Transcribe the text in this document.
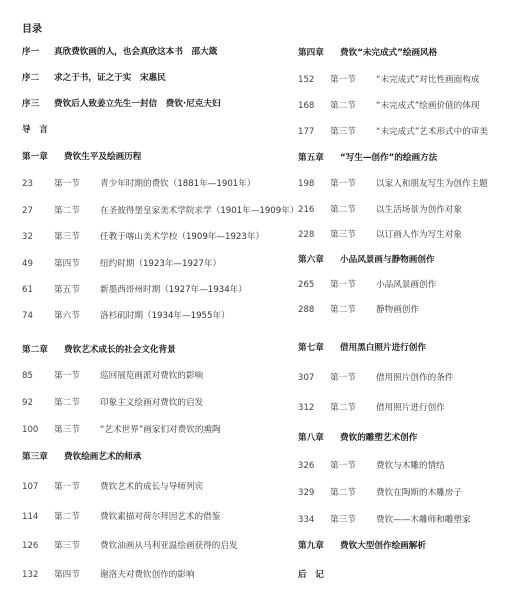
目录
序一 真欣费钦画的人，也会真欣这本书　邵大箴
序二 求之于书，证之于实　宋惠民
序三 费钦后人致姜立先生一封信　费钦·尼克夫妇
导　言
第一章 费钦生平及绘画历程
23 第一节 青少年时期的费钦（1881年—1901年）
27 第二节 在圣彼得堡皇家美术学院求学（1901年—1909年）
32 第三节 任教于喀山美术学校（1909年—1923年）
49 第四节 纽约时期（1923年—1927年）
61 第五节 新墨西哥州时期（1927年—1934年）
74 第六节 洛杉矶时期（1934年—1955年）
第二章 费钦艺术成长的社会文化背景
85 第一节 巡回展览画派对费钦的影响
92 第二节 印象主义绘画对费钦的启发
100 第三节 “艺术世界”画家们对费钦的熏陶
第三章 费钦绘画艺术的师承
107 第一节 费钦艺术的成长与导师列宾
114 第二节 费钦素描对荷尔拜因艺术的借鉴
126 第三节 费钦油画从马利亚温绘画获得的启发
132 第四节 谢洛夫对费钦创作的影响
第四章 费钦“未完成式”绘画风格
152 第一节 “未完成式”对比性画面构成
168 第二节 “未完成式”绘画价值的体现
177 第三节 “未完成式”艺术形式中的审美
第五章 “写生—创作”的绘画方法
198 第一节 以家人和朋友写生为创作主题
216 第二节 以生活场景为创作对象
228 第三节 以订画人作为写生对象
第六章 小品风景画与静物画创作
265 第一节 小品风景画创作
288 第二节 静物画创作
第七章 借用黑白照片进行创作
307 第一节 借用照片创作的条件
312 第二节 借用照片进行创作
第八章 费钦的雕塑艺术创作
326 第一节 费钦与木雕的情结
329 第二节 费钦在陶斯的木雕房子
334 第三节 费钦——木雕师和雕塑家
第九章 费钦大型创作绘画解析
后　记
